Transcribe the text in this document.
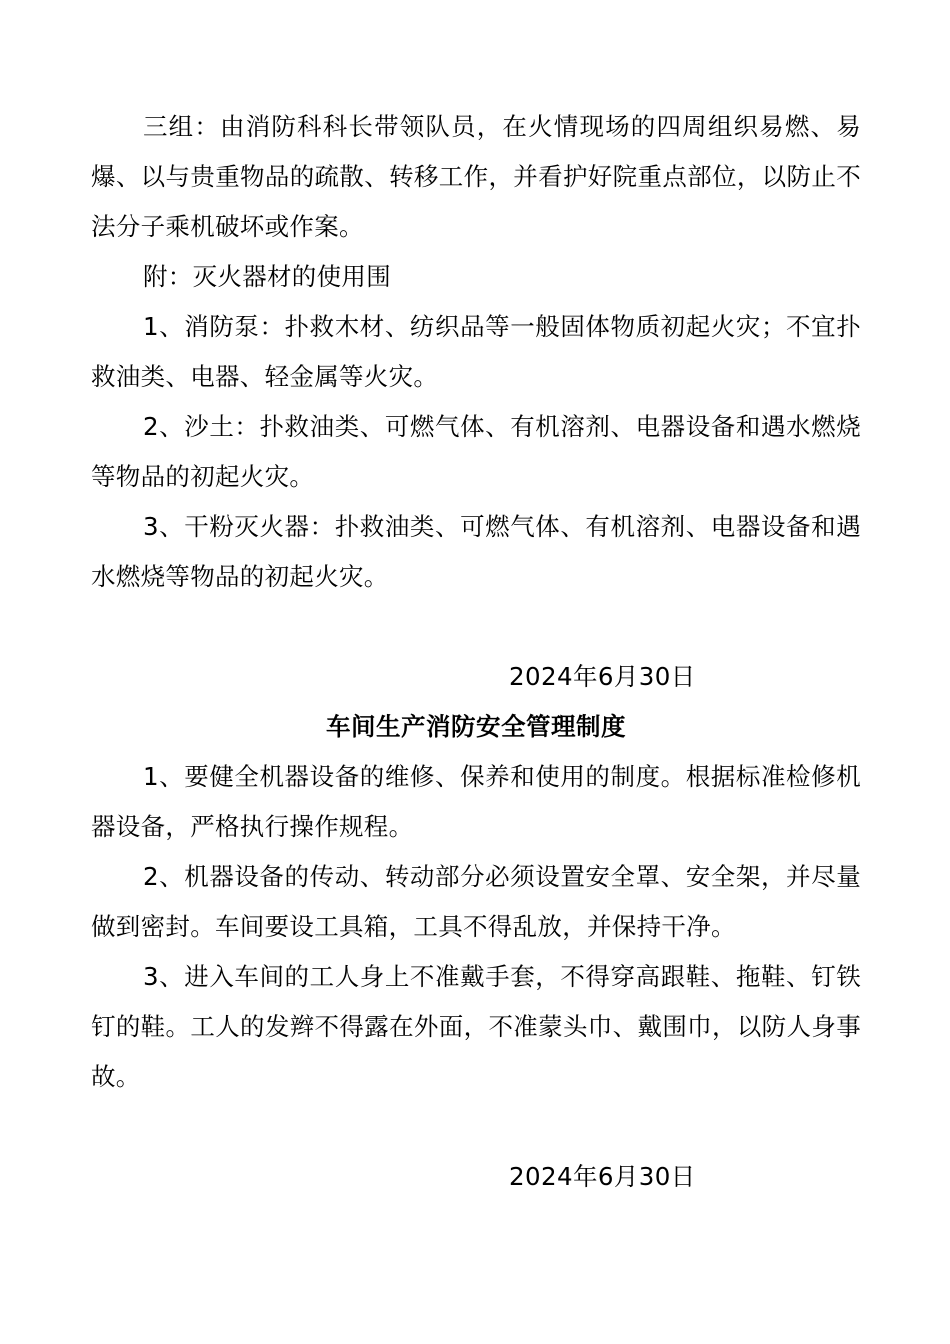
三组：由消防科科长带领队员，在火情现场的四周组织易燃、易爆、以与贵重物品的疏散、转移工作，并看护好院重点部位，以防止不法分子乘机破坏或作案。

附：灭火器材的使用围

1、消防泵：扑救木材、纺织品等一般固体物质初起火灾；不宜扑救油类、电器、轻金属等火灾。

2、沙土：扑救油类、可燃气体、有机溶剂、电器设备和遇水燃烧等物品的初起火灾。

3、干粉灭火器：扑救油类、可燃气体、有机溶剂、电器设备和遇水燃烧等物品的初起火灾。

2024年6月30日

车间生产消防安全管理制度

1、要健全机器设备的维修、保养和使用的制度。根据标准检修机器设备，严格执行操作规程。

2、机器设备的传动、转动部分必须设置安全罩、安全架，并尽量做到密封。车间要设工具箱，工具不得乱放，并保持干净。

3、进入车间的工人身上不准戴手套，不得穿高跟鞋、拖鞋、钉铁钉的鞋。工人的发辫不得露在外面，不准蒙头巾、戴围巾，以防人身事故。

2024年6月30日
